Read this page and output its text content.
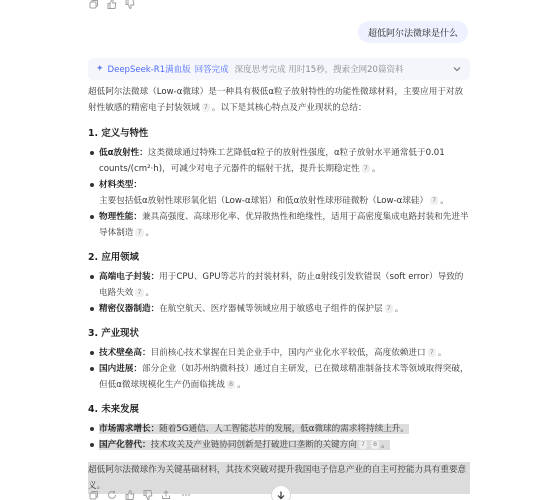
超低阿尔法微球是什么
✦ DeepSeek-R1满血版 回答完成 深度思考完成 用时15秒，搜索全网20篇资料

超低阿尔法微球（Low-α微球）是一种具有极低α粒子放射特性的功能性微球材料，主要应用于对放射性敏感的精密电子封装领域 7 。以下是其核心特点及产业现状的总结：

1. 定义与特性
低α放射性：这类微球通过特殊工艺降低α粒子的放射性强度，α粒子放射水平通常低于0.01 counts/(cm²·h)，可减少对电子元器件的辐射干扰，提升长期稳定性 7 。
材料类型：主要包括低α放射性球形氧化铝（Low-α球铝）和低α放射性球形硅微粉（Low-α球硅） 7 。
物理性能：兼具高强度、高球形化率、优异散热性和绝缘性，适用于高密度集成电路封装和先进半导体制造 7 。
2. 应用领域
高端电子封装：用于CPU、GPU等芯片的封装材料，防止α射线引发软错误（soft error）导致的电路失效 7 。
精密仪器制造：在航空航天、医疗器械等领域应用于敏感电子组件的保护层 7 。
3. 产业现状
技术壁垒高：目前核心技术掌握在日美企业手中，国内产业化水平较低，高度依赖进口 7 。
国内进展：部分企业（如苏州纳微科技）通过自主研发，已在微球精准制备技术等领域取得突破，但低α微球规模化生产仍面临挑战 8 。
4. 未来发展
市场需求增长：随着5G通信、人工智能芯片的发展，低α微球的需求将持续上升。
国产化替代：技术攻关及产业链协同创新是打破进口垄断的关键方向 7 8 。

超低阿尔法微球作为关键基础材料，其技术突破对提升我国电子信息产业的自主可控能力具有重要意义。
